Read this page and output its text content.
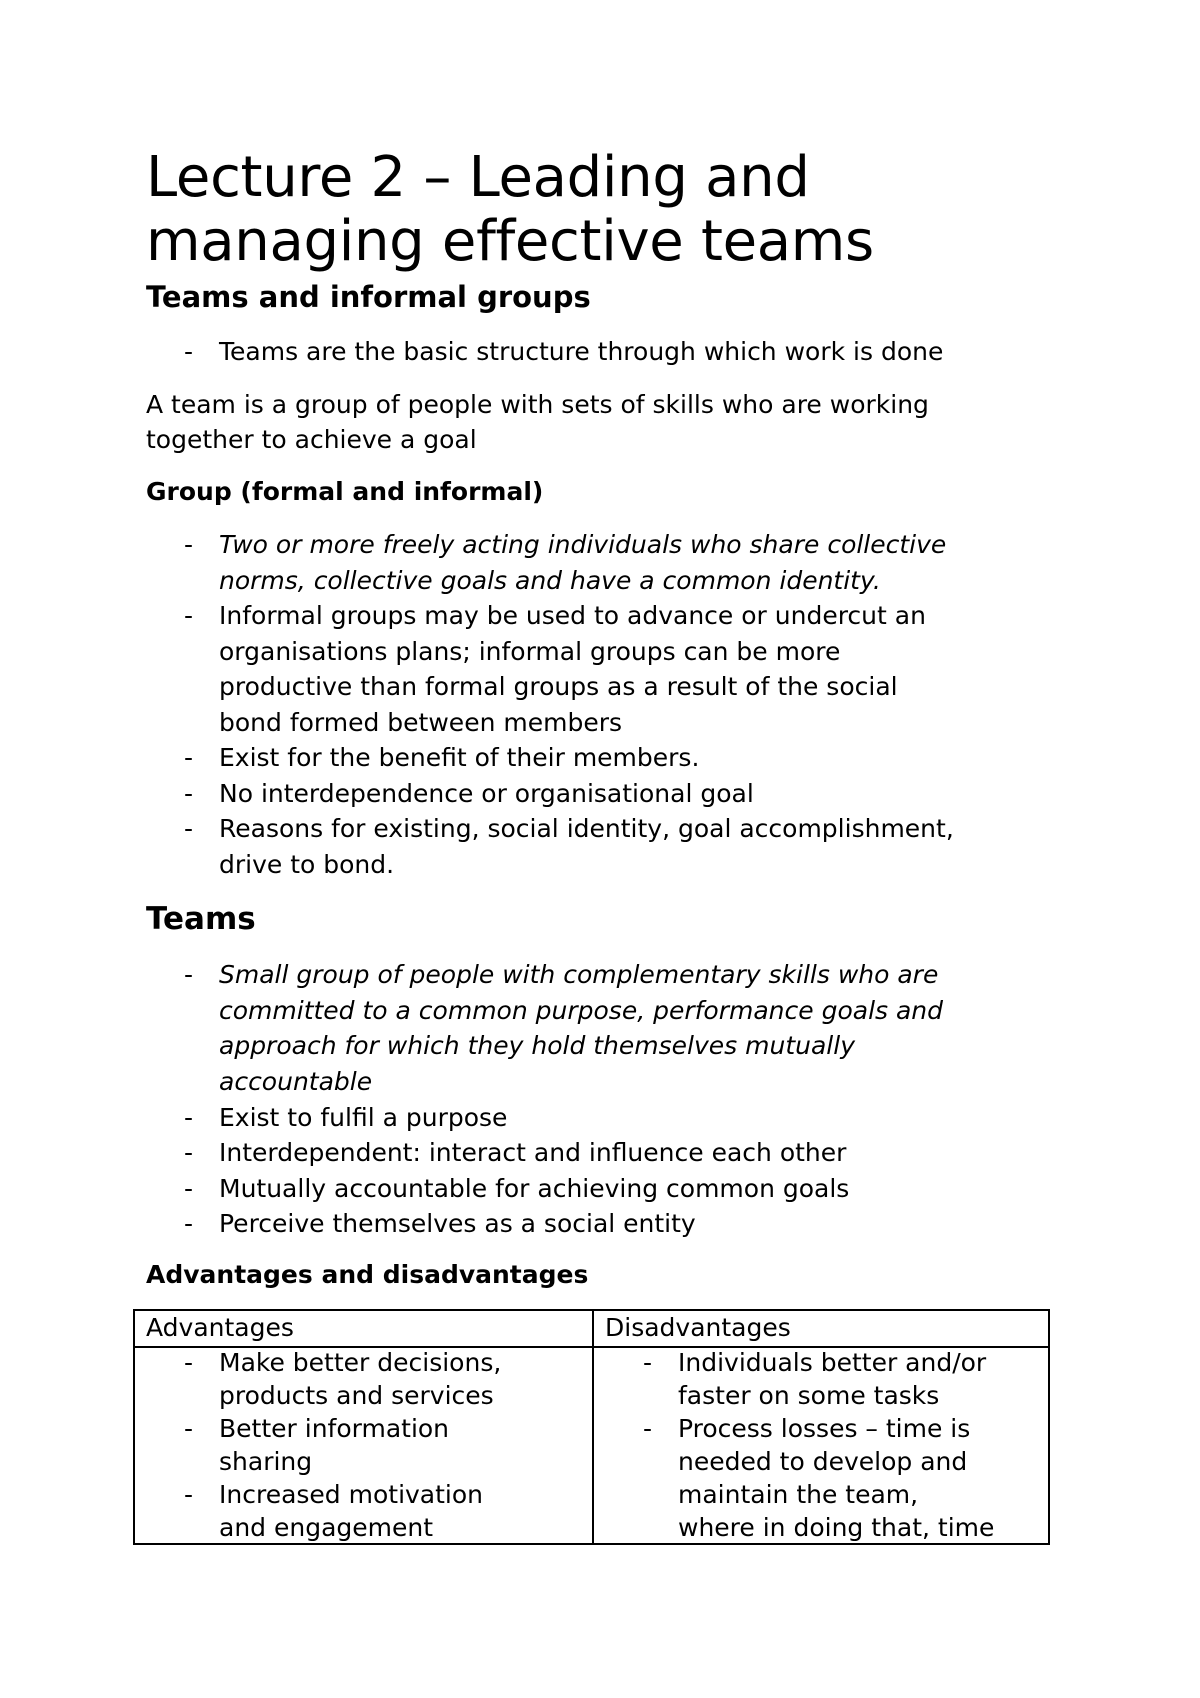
Lecture 2 – Leading and
managing effective teams
Teams and informal groups
- Teams are the basic structure through which work is done
A team is a group of people with sets of skills who are working
together to achieve a goal
Group (formal and informal)
- Two or more freely acting individuals who share collective
norms, collective goals and have a common identity.
- Informal groups may be used to advance or undercut an
organisations plans; informal groups can be more
productive than formal groups as a result of the social
bond formed between members
- Exist for the benefit of their members.
- No interdependence or organisational goal
- Reasons for existing, social identity, goal accomplishment,
drive to bond.
Teams
- Small group of people with complementary skills who are
committed to a common purpose, performance goals and
approach for which they hold themselves mutually
accountable
- Exist to fulfil a purpose
- Interdependent: interact and influence each other
- Mutually accountable for achieving common goals
- Perceive themselves as a social entity
Advantages and disadvantages
Advantages	Disadvantages
- Make better decisions,
products and services
- Better information
sharing
- Increased motivation
and engagement
- Individuals better and/or
faster on some tasks
- Process losses – time is
needed to develop and
maintain the team,
where in doing that, time
